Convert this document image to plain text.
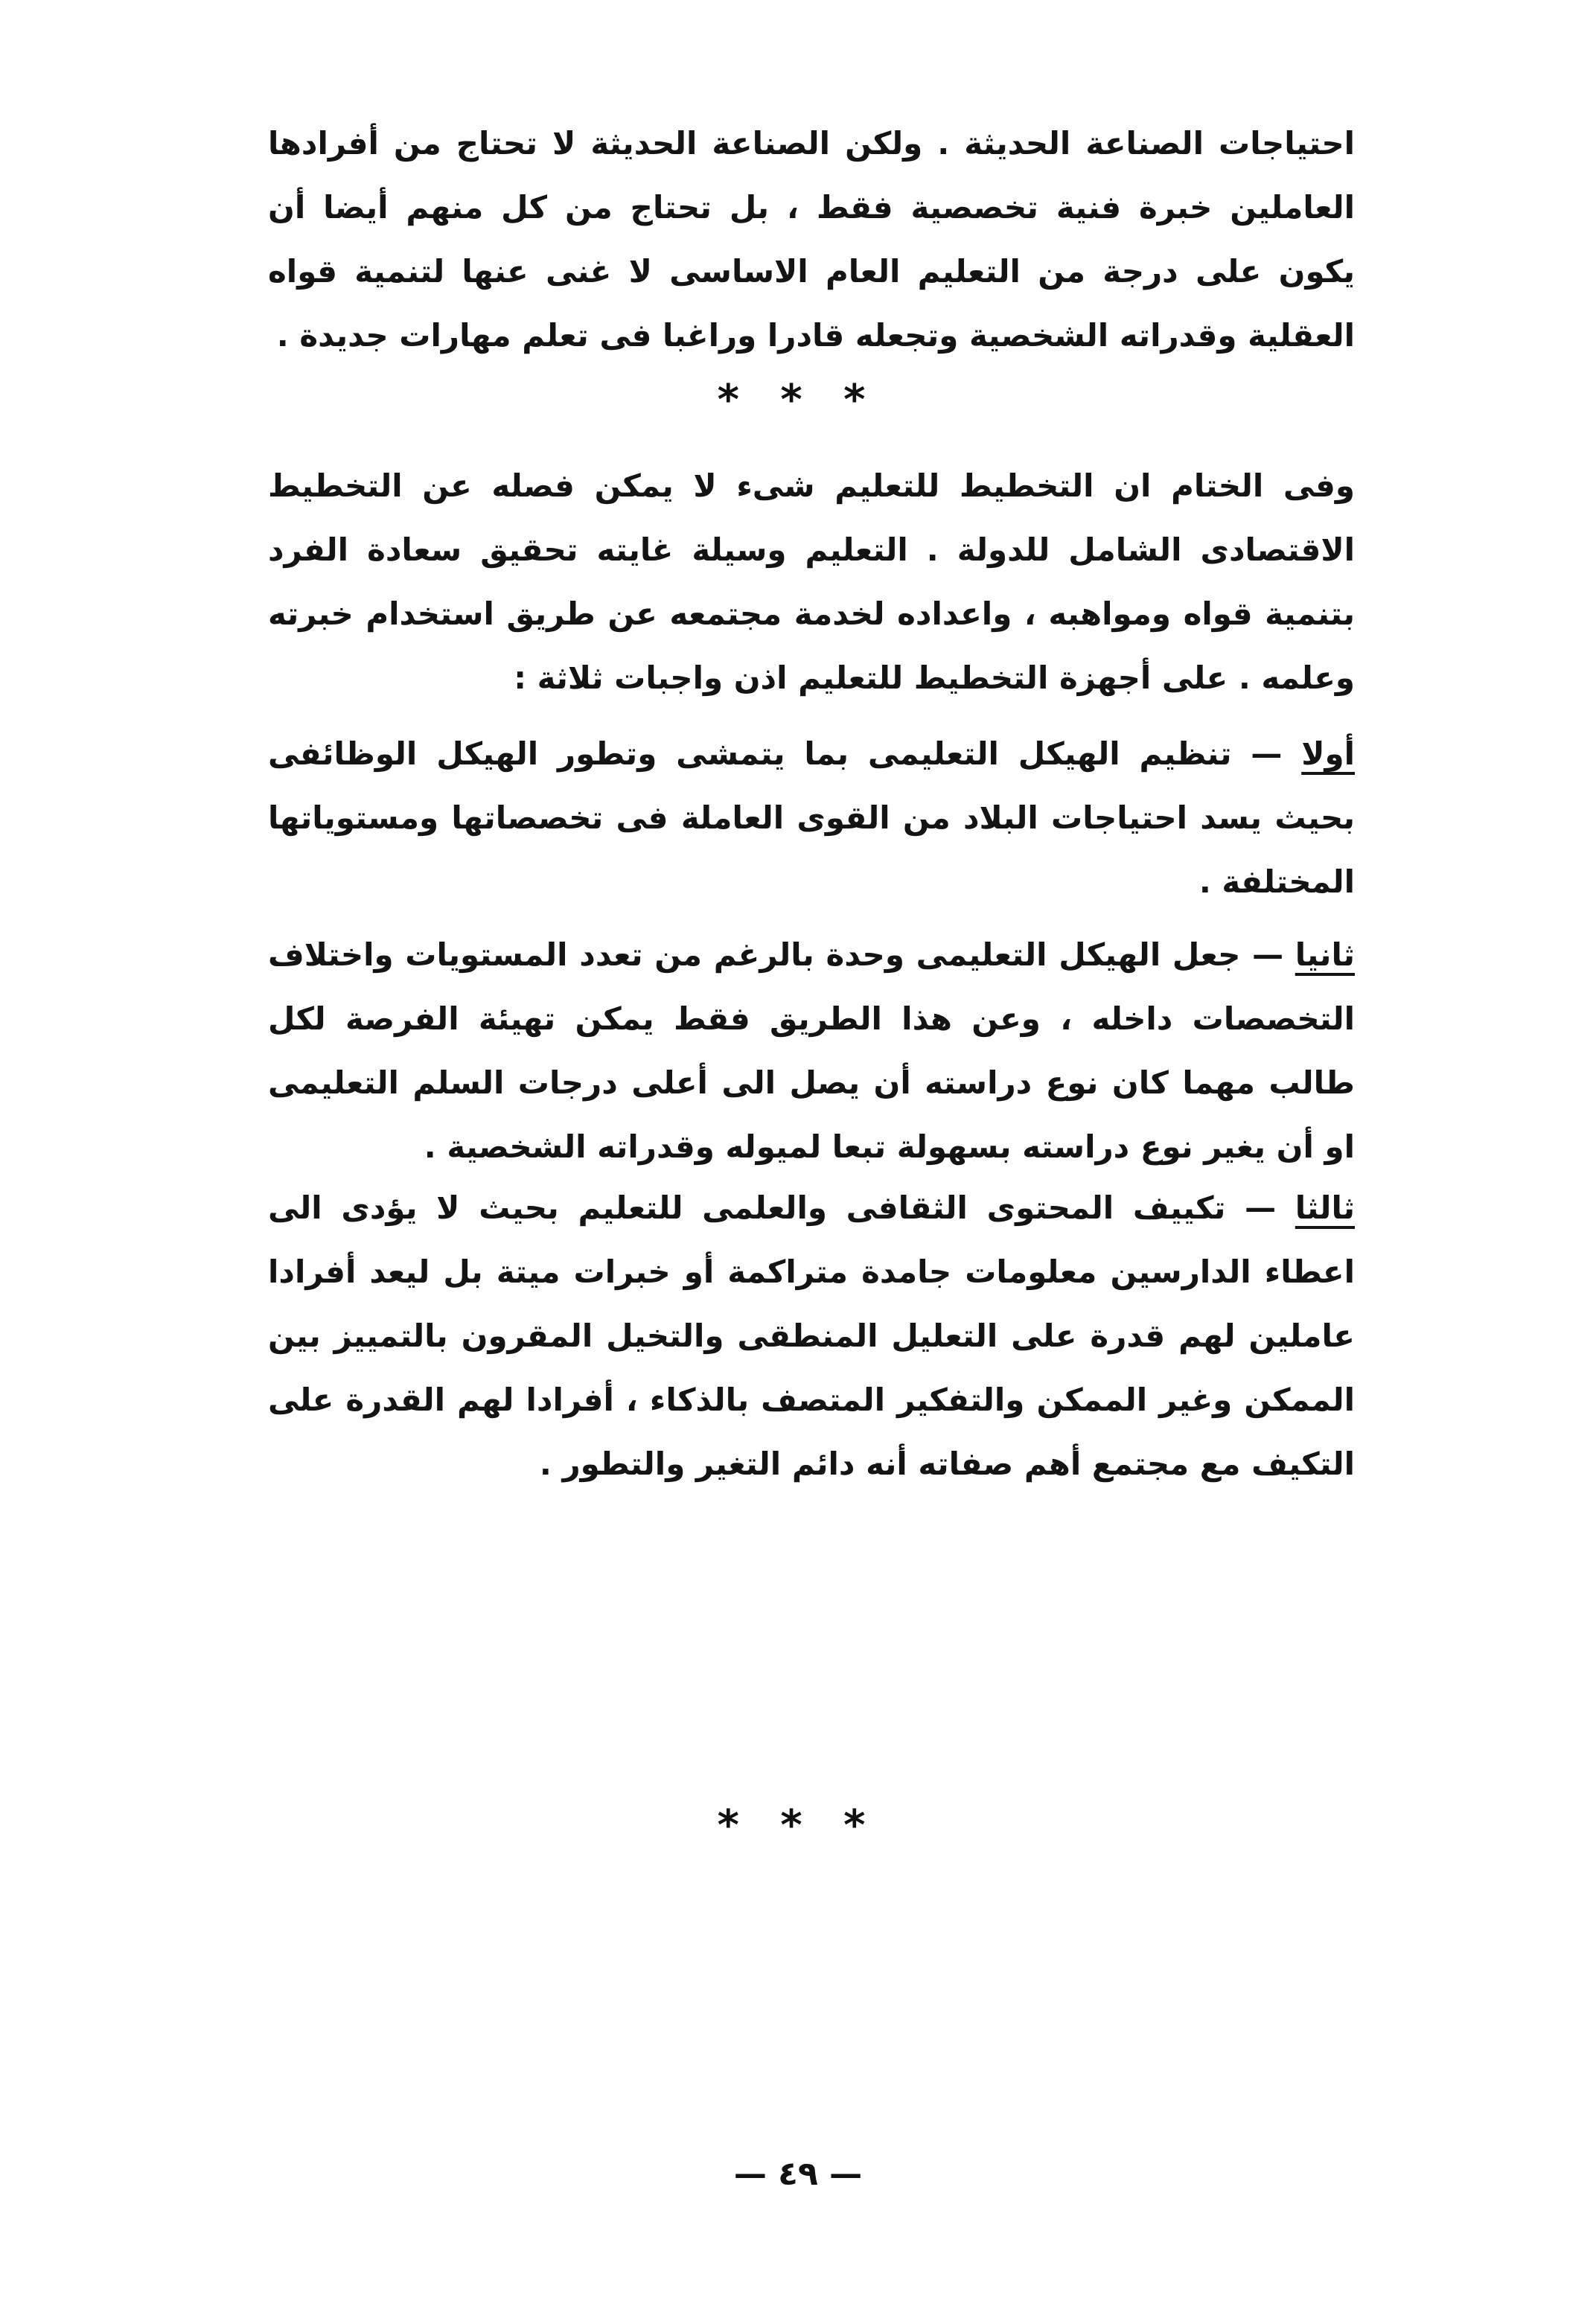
احتياجات الصناعة الحديثة . ولكن الصناعة الحديثة لا تحتاج من أفرادها العاملين خبرة فنية تخصصية فقط ، بل تحتاج من كل منهم أيضا أن يكون على درجة من التعليم العام الاساسى لا غنى عنها لتنمية قواه العقلية وقدراته الشخصية وتجعله قادرا وراغبا فى تعلم مهارات جديدة .

* * *

وفى الختام ان التخطيط للتعليم شىء لا يمكن فصله عن التخطيط الاقتصادى الشامل للدولة . التعليم وسيلة غايته تحقيق سعادة الفرد بتنمية قواه ومواهبه ، واعداده لخدمة مجتمعه عن طريق استخدام خبرته وعلمه . على أجهزة التخطيط للتعليم اذن واجبات ثلاثة :

أولا — تنظيم الهيكل التعليمى بما يتمشى وتطور الهيكل الوظائفى بحيث يسد احتياجات البلاد من القوى العاملة فى تخصصاتها ومستوياتها المختلفة .

ثانيا — جعل الهيكل التعليمى وحدة بالرغم من تعدد المستويات واختلاف التخصصات داخله ، وعن هذا الطريق فقط يمكن تهيئة الفرصة لكل طالب مهما كان نوع دراسته أن يصل الى أعلى درجات السلم التعليمى او أن يغير نوع دراسته بسهولة تبعا لميوله وقدراته الشخصية .

ثالثا — تكييف المحتوى الثقافى والعلمى للتعليم بحيث لا يؤدى الى اعطاء الدارسين معلومات جامدة متراكمة أو خبرات ميتة بل ليعد أفرادا عاملين لهم قدرة على التعليل المنطقى والتخيل المقرون بالتمييز بين الممكن وغير الممكن والتفكير المتصف بالذكاء ، أفرادا لهم القدرة على التكيف مع مجتمع أهم صفاته أنه دائم التغير والتطور .

* * *
— ٤٩ —
